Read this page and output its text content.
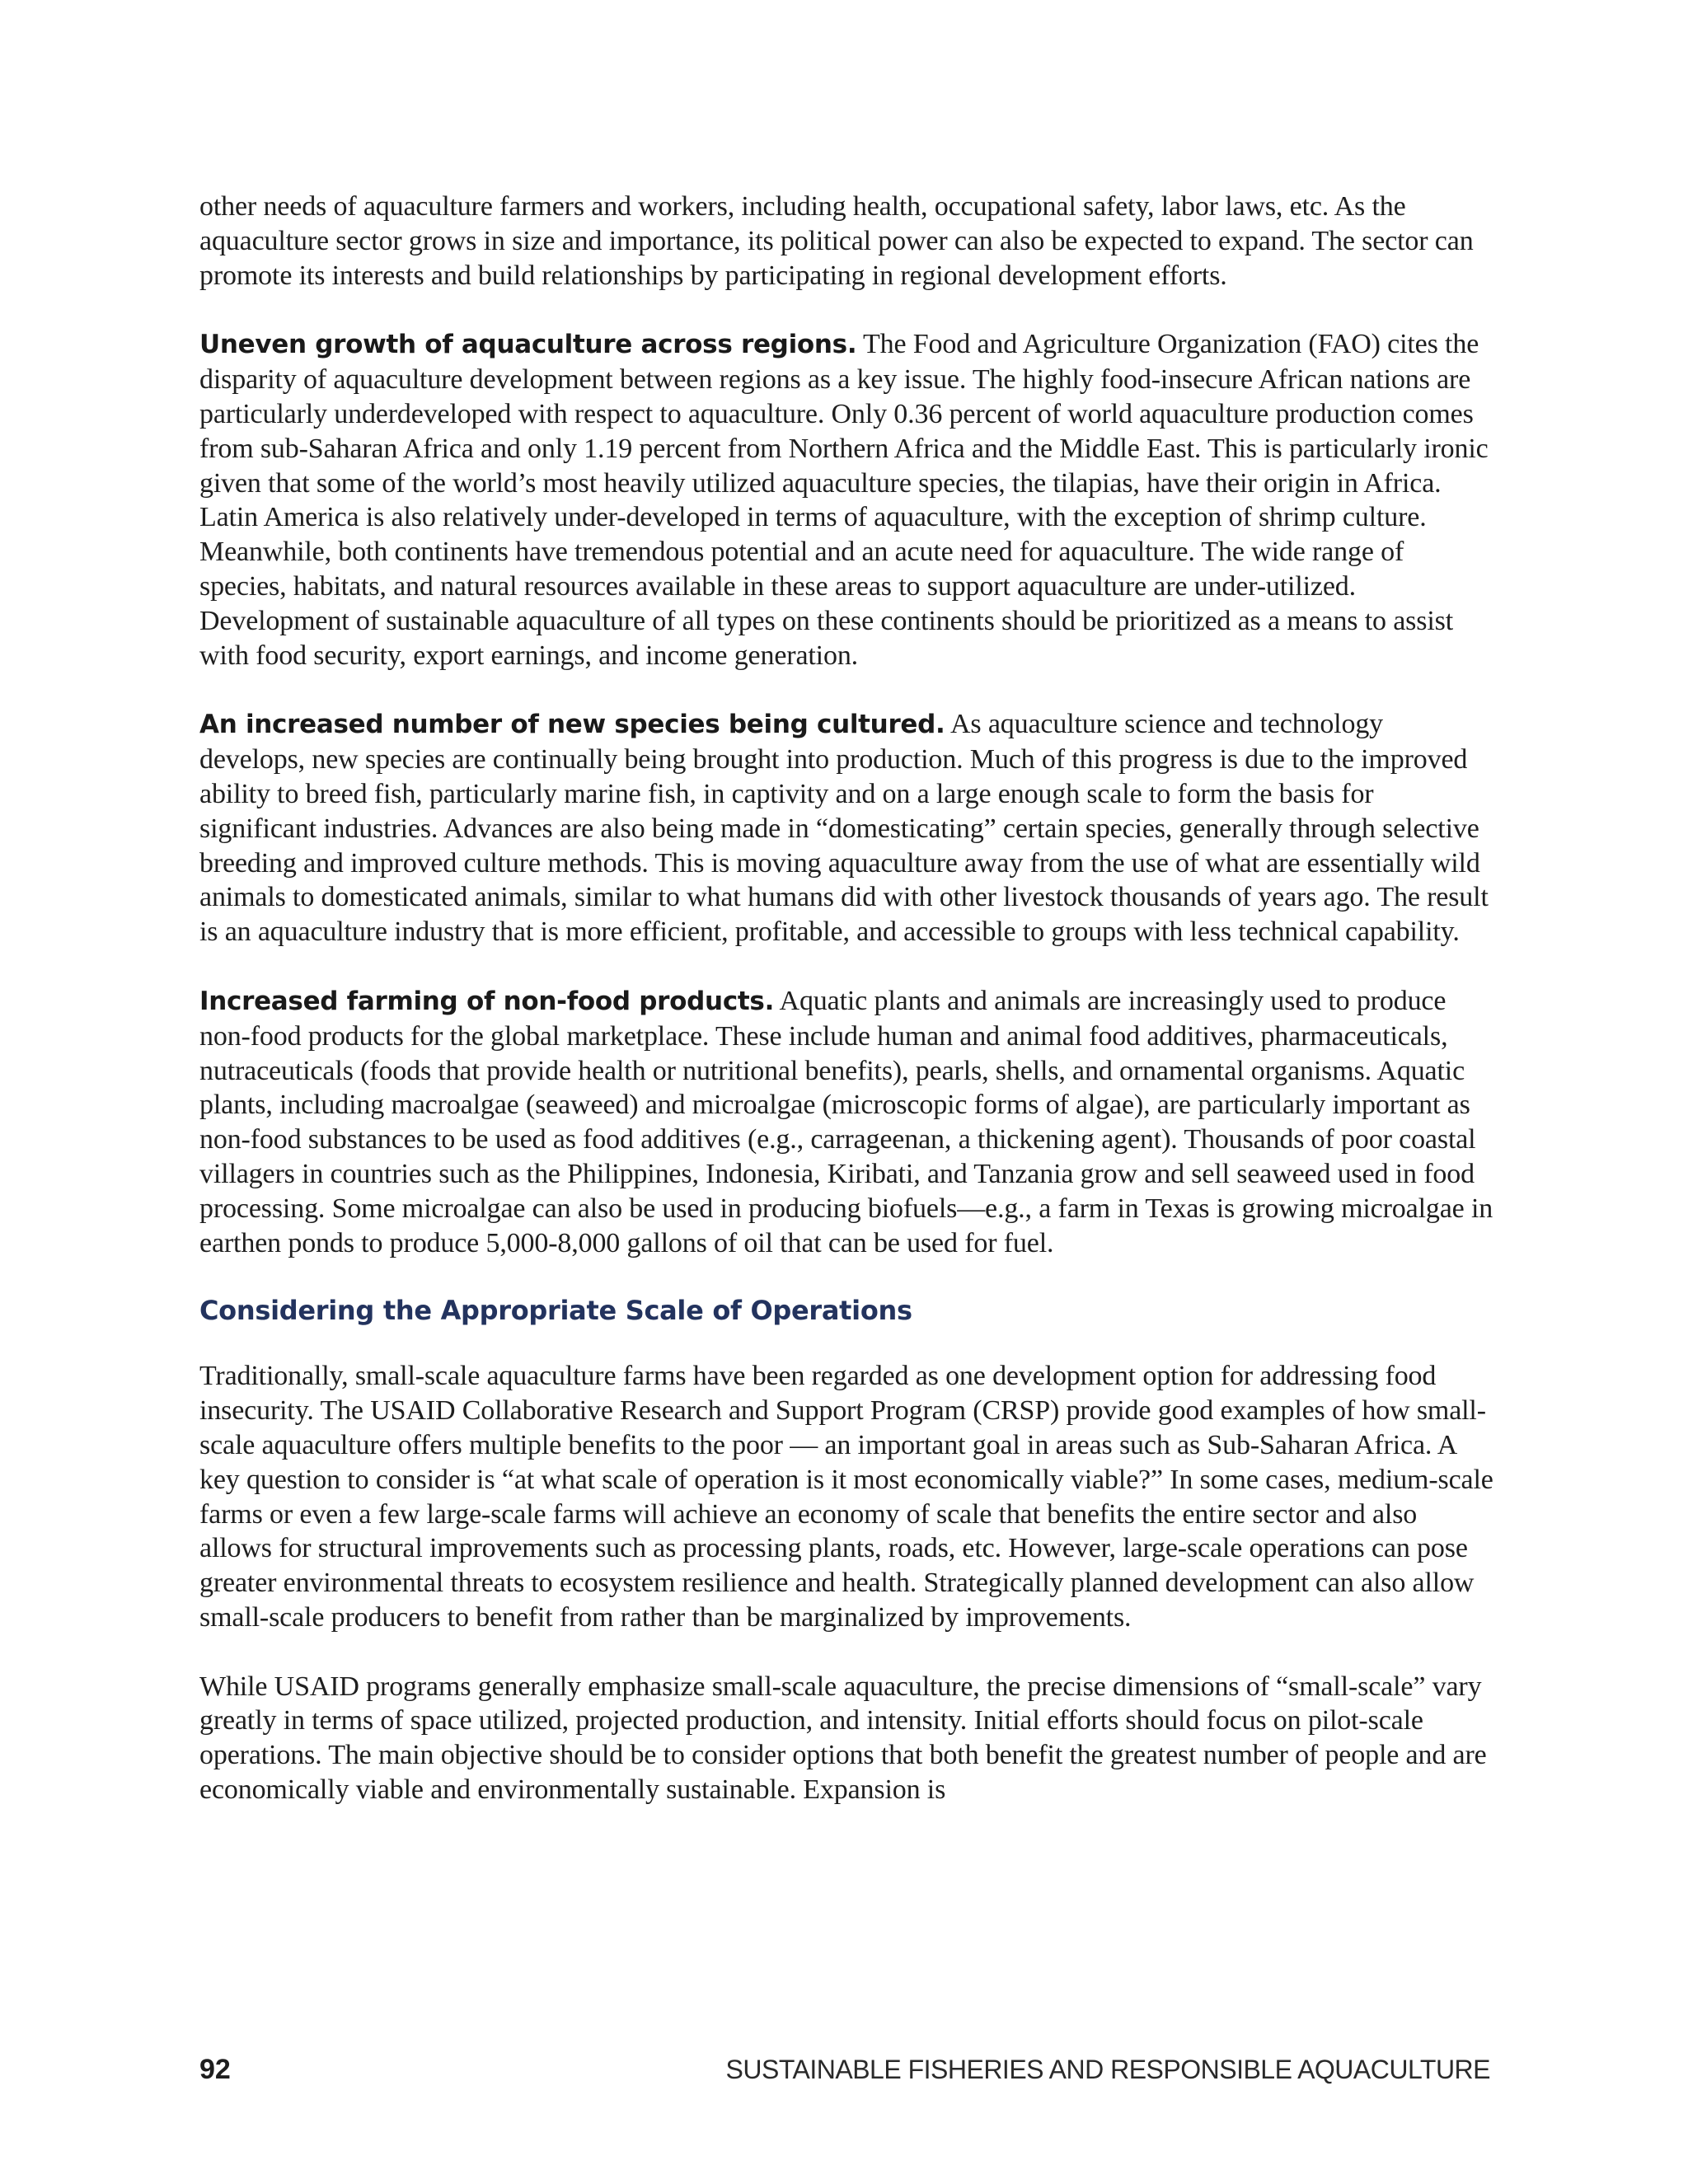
other needs of aquaculture farmers and workers, including health, occupational safety, labor laws, etc. As the aquaculture sector grows in size and importance, its political power can also be expected to expand. The sector can promote its interests and build relationships by participating in regional development efforts.

Uneven growth of aquaculture across regions. The Food and Agriculture Organization (FAO) cites the disparity of aquaculture development between regions as a key issue. The highly food-insecure African nations are particularly underdeveloped with respect to aquaculture. Only 0.36 percent of world aquaculture production comes from sub-Saharan Africa and only 1.19 percent from Northern Africa and the Middle East. This is particularly ironic given that some of the world’s most heavily utilized aquaculture species, the tilapias, have their origin in Africa. Latin America is also relatively under-developed in terms of aquaculture, with the exception of shrimp culture. Meanwhile, both continents have tremendous potential and an acute need for aquaculture. The wide range of species, habitats, and natural resources available in these areas to support aquaculture are under-utilized. Development of sustainable aquaculture of all types on these continents should be prioritized as a means to assist with food security, export earnings, and income generation.

An increased number of new species being cultured. As aquaculture science and technology develops, new species are continually being brought into production. Much of this progress is due to the improved ability to breed fish, particularly marine fish, in captivity and on a large enough scale to form the basis for significant industries. Advances are also being made in “domesticating” certain species, generally through selective breeding and improved culture methods. This is moving aquaculture away from the use of what are essentially wild animals to domesticated animals, similar to what humans did with other livestock thousands of years ago. The result is an aquaculture industry that is more efficient, profitable, and accessible to groups with less technical capability.

Increased farming of non-food products. Aquatic plants and animals are increasingly used to produce non-food products for the global marketplace. These include human and animal food additives, pharmaceuticals, nutraceuticals (foods that provide health or nutritional benefits), pearls, shells, and ornamental organisms. Aquatic plants, including macroalgae (seaweed) and microalgae (microscopic forms of algae), are particularly important as non-food substances to be used as food additives (e.g., carrageenan, a thickening agent). Thousands of poor coastal villagers in countries such as the Philippines, Indonesia, Kiribati, and Tanzania grow and sell seaweed used in food processing. Some microalgae can also be used in producing biofuels—e.g., a farm in Texas is growing microalgae in earthen ponds to produce 5,000-8,000 gallons of oil that can be used for fuel.

Considering the Appropriate Scale of Operations

Traditionally, small-scale aquaculture farms have been regarded as one development option for addressing food insecurity. The USAID Collaborative Research and Support Program (CRSP) provide good examples of how small-scale aquaculture offers multiple benefits to the poor — an important goal in areas such as Sub-Saharan Africa. A key question to consider is “at what scale of operation is it most economically viable?” In some cases, medium-scale farms or even a few large-scale farms will achieve an economy of scale that benefits the entire sector and also allows for structural improvements such as processing plants, roads, etc. However, large-scale operations can pose greater environmental threats to ecosystem resilience and health. Strategically planned development can also allow small-scale producers to benefit from rather than be marginalized by improvements.

While USAID programs generally emphasize small-scale aquaculture, the precise dimensions of “small-scale” vary greatly in terms of space utilized, projected production, and intensity. Initial efforts should focus on pilot-scale operations. The main objective should be to consider options that both benefit the greatest number of people and are economically viable and environmentally sustainable. Expansion is

92	SUSTAINABLE FISHERIES AND RESPONSIBLE AQUACULTURE
